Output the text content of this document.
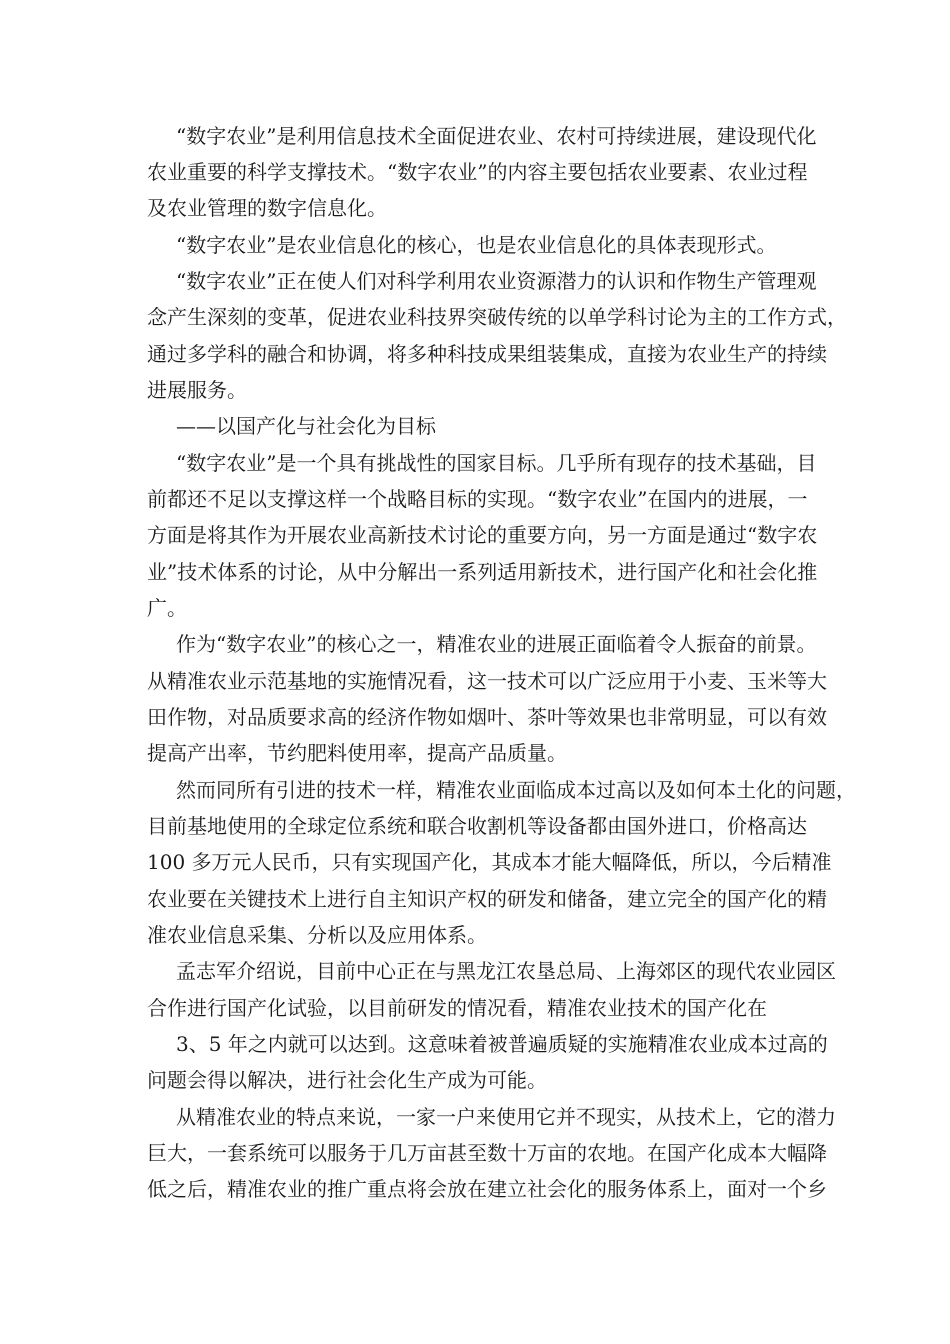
“数字农业”是利用信息技术全面促进农业、农村可持续进展，建设现代化
农业重要的科学支撑技术。“数字农业”的内容主要包括农业要素、农业过程
及农业管理的数字信息化。
“数字农业”是农业信息化的核心，也是农业信息化的具体表现形式。
“数字农业”正在使人们对科学利用农业资源潜力的认识和作物生产管理观
念产生深刻的变革，促进农业科技界突破传统的以单学科讨论为主的工作方式，
通过多学科的融合和协调，将多种科技成果组装集成，直接为农业生产的持续
进展服务。
——以国产化与社会化为目标
“数字农业”是一个具有挑战性的国家目标。几乎所有现存的技术基础，目
前都还不足以支撑这样一个战略目标的实现。“数字农业”在国内的进展，一
方面是将其作为开展农业高新技术讨论的重要方向，另一方面是通过“数字农
业”技术体系的讨论，从中分解出一系列适用新技术，进行国产化和社会化推
广。
作为“数字农业”的核心之一，精准农业的进展正面临着令人振奋的前景。
从精准农业示范基地的实施情况看，这一技术可以广泛应用于小麦、玉米等大
田作物，对品质要求高的经济作物如烟叶、茶叶等效果也非常明显，可以有效
提高产出率，节约肥料使用率，提高产品质量。
然而同所有引进的技术一样，精准农业面临成本过高以及如何本土化的问题，
目前基地使用的全球定位系统和联合收割机等设备都由国外进口，价格高达
100 多万元人民币，只有实现国产化，其成本才能大幅降低，所以，今后精准
农业要在关键技术上进行自主知识产权的研发和储备，建立完全的国产化的精
准农业信息采集、分析以及应用体系。
孟志军介绍说，目前中心正在与黑龙江农垦总局、上海郊区的现代农业园区
合作进行国产化试验，以目前研发的情况看，精准农业技术的国产化在
3、5 年之内就可以达到。这意味着被普遍质疑的实施精准农业成本过高的
问题会得以解决，进行社会化生产成为可能。
从精准农业的特点来说，一家一户来使用它并不现实，从技术上，它的潜力
巨大，一套系统可以服务于几万亩甚至数十万亩的农地。在国产化成本大幅降
低之后，精准农业的推广重点将会放在建立社会化的服务体系上，面对一个乡
